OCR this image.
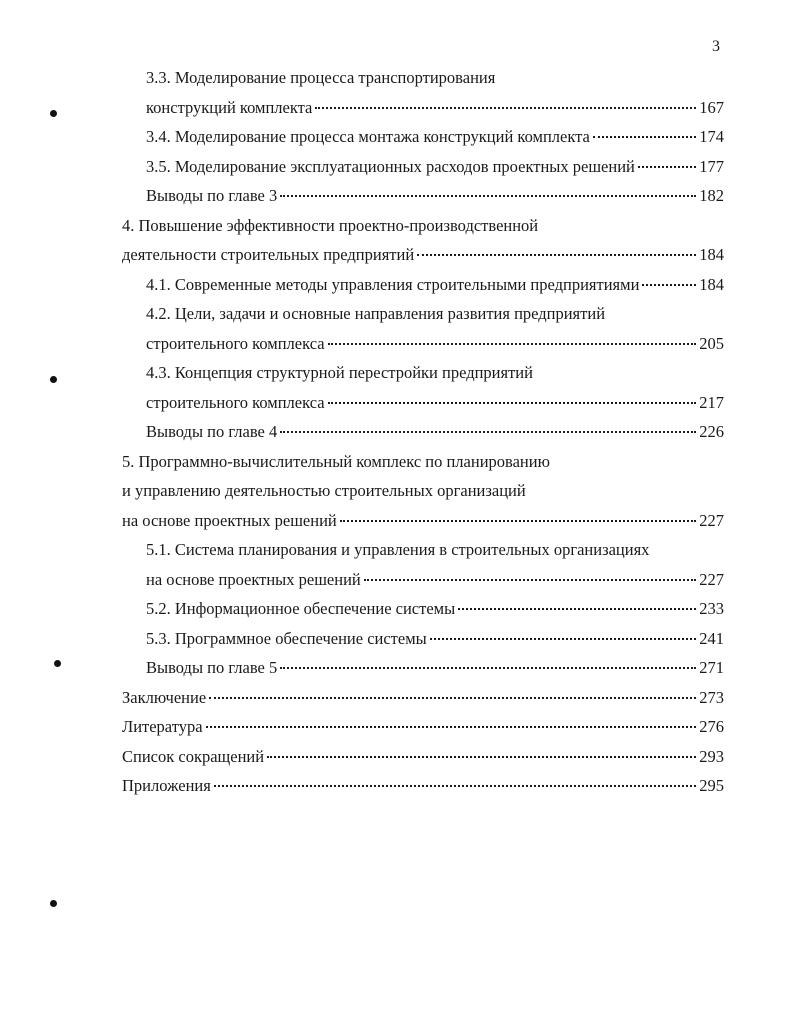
3
3.3. Моделирование процесса транспортирования
конструкций комплекта	167
3.4. Моделирование процесса монтажа конструкций комплекта	174
3.5. Моделирование эксплуатационных расходов проектных решений	177
Выводы по главе 3	182
4. Повышение эффективности проектно-производственной
деятельности строительных предприятий	184
4.1. Современные методы управления строительными предприятиями	184
4.2. Цели, задачи и основные направления развития предприятий
строительного комплекса	205
4.3. Концепция структурной перестройки предприятий
строительного комплекса	217
Выводы по главе 4	226
5. Программно-вычислительный комплекс по планированию
и управлению деятельностью строительных организаций
на основе проектных решений	227
5.1. Система планирования и управления в строительных организациях
на основе проектных решений	227
5.2. Информационное обеспечение системы	233
5.3. Программное обеспечение системы	241
Выводы по главе 5	271
Заключение	273
Литература	276
Список сокращений	293
Приложения	295
